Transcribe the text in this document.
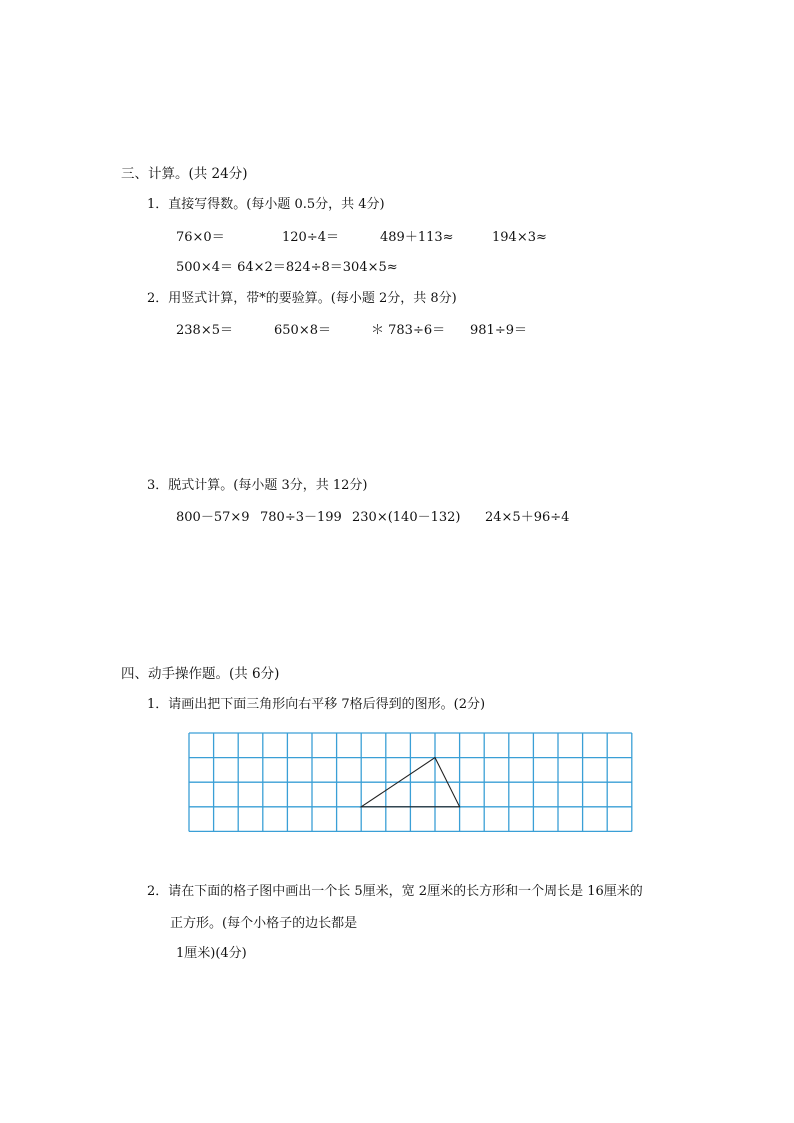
三、计算。(共 24分)
1．直接写得数。(每小题 0.5分，共 4分)
76×0＝	120÷4＝	489＋113≈	194×3≈
500×4＝ 64×2＝824÷8＝304×5≈
2．用竖式计算，带*的要验算。(每小题 2分，共 8分)
238×5＝	650×8＝	＊ 783÷6＝ 981÷9＝
3．脱式计算。(每小题 3分，共 12分)
800－57×9 780÷3－199 230×(140－132) 24×5＋96÷4
四、动手操作题。(共 6分)
1．请画出把下面三角形向右平移 7格后得到的图形。(2分)
2．请在下面的格子图中画出一个长 5厘米，宽 2厘米的长方形和一个周长是 16厘米的
正方形。(每个小格子的边长都是
1厘米)(4分)
